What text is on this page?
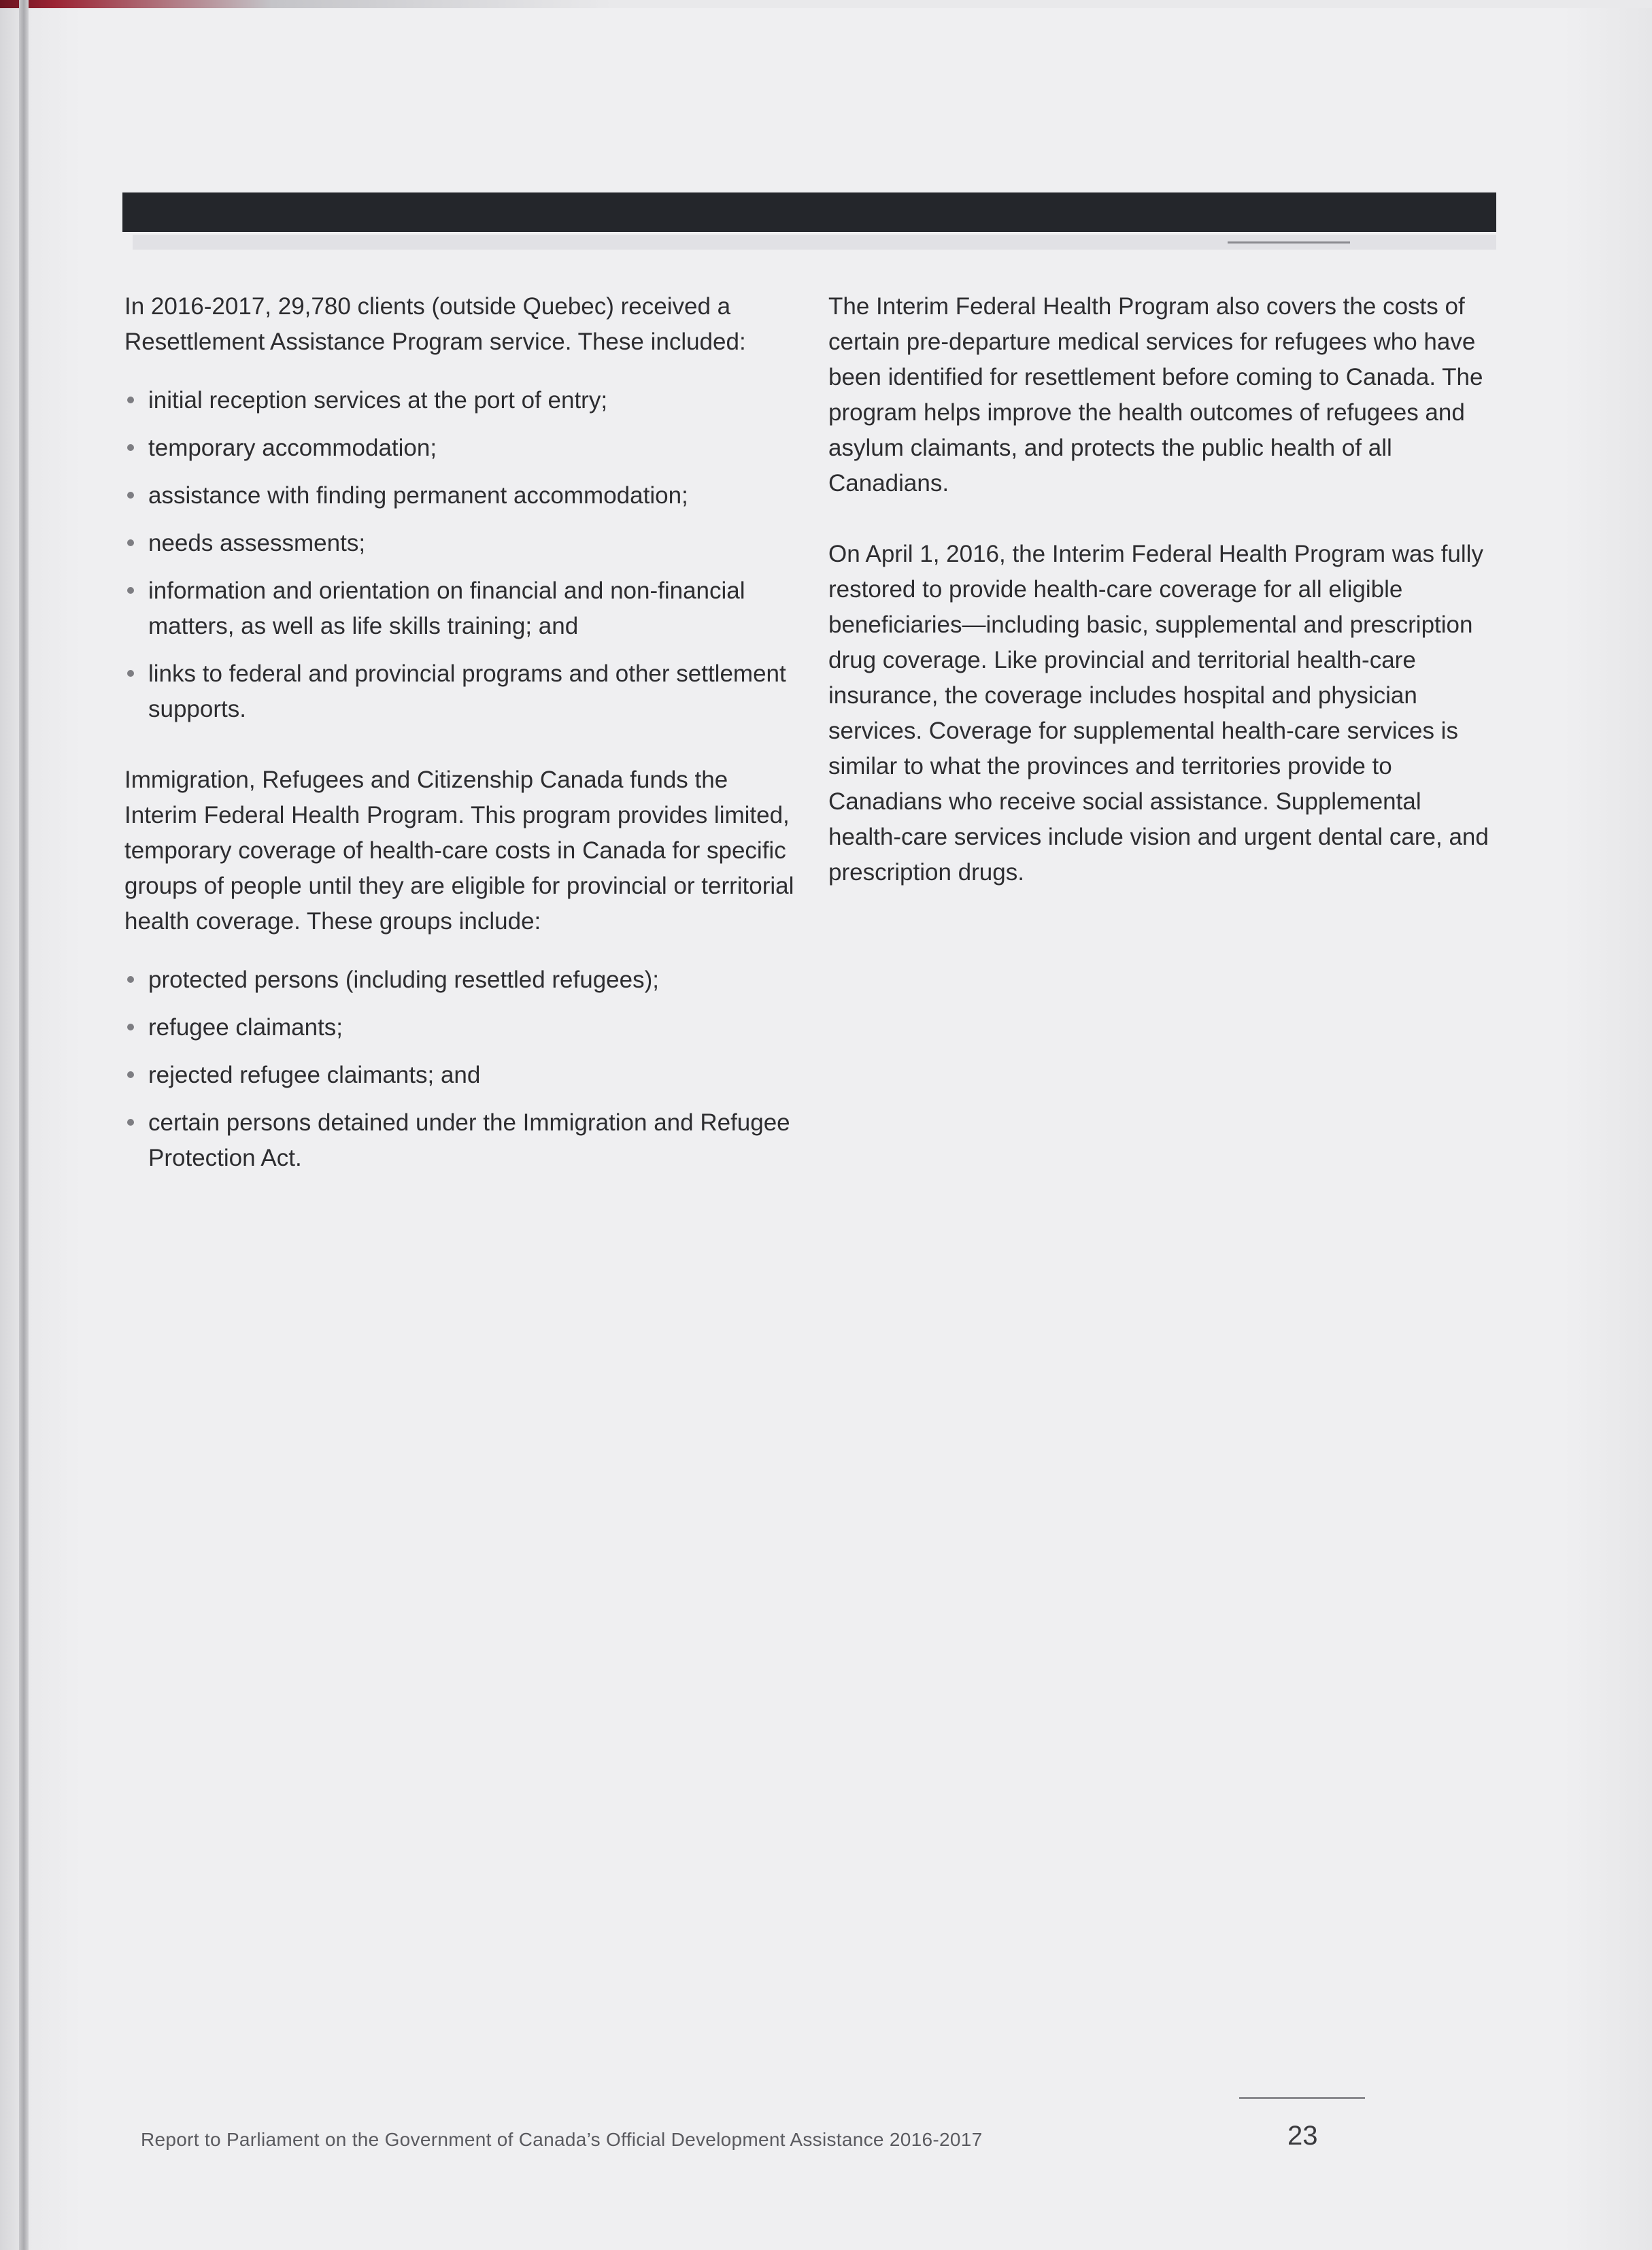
In 2016-2017, 29,780 clients (outside Quebec) received a Resettlement Assistance Program service. These included:

initial reception services at the port of entry;
temporary accommodation;
assistance with finding permanent accommodation;
needs assessments;
information and orientation on financial and non-financial matters, as well as life skills training; and
links to federal and provincial programs and other settlement supports.

Immigration, Refugees and Citizenship Canada funds the Interim Federal Health Program. This program provides limited, temporary coverage of health-care costs in Canada for specific groups of people until they are eligible for provincial or territorial health coverage. These groups include:

protected persons (including resettled refugees);
refugee claimants;
rejected refugee claimants; and
certain persons detained under the Immigration and Refugee Protection Act.

The Interim Federal Health Program also covers the costs of certain pre-departure medical services for refugees who have been identified for resettlement before coming to Canada. The program helps improve the health outcomes of refugees and asylum claimants, and protects the public health of all Canadians.

On April 1, 2016, the Interim Federal Health Program was fully restored to provide health-care coverage for all eligible beneficiaries—including basic, supplemental and prescription drug coverage. Like provincial and territorial health-care insurance, the coverage includes hospital and physician services. Coverage for supplemental health-care services is similar to what the provinces and territories provide to Canadians who receive social assistance. Supplemental health-care services include vision and urgent dental care, and prescription drugs.

Report to Parliament on the Government of Canada’s Official Development Assistance 2016-2017	23
